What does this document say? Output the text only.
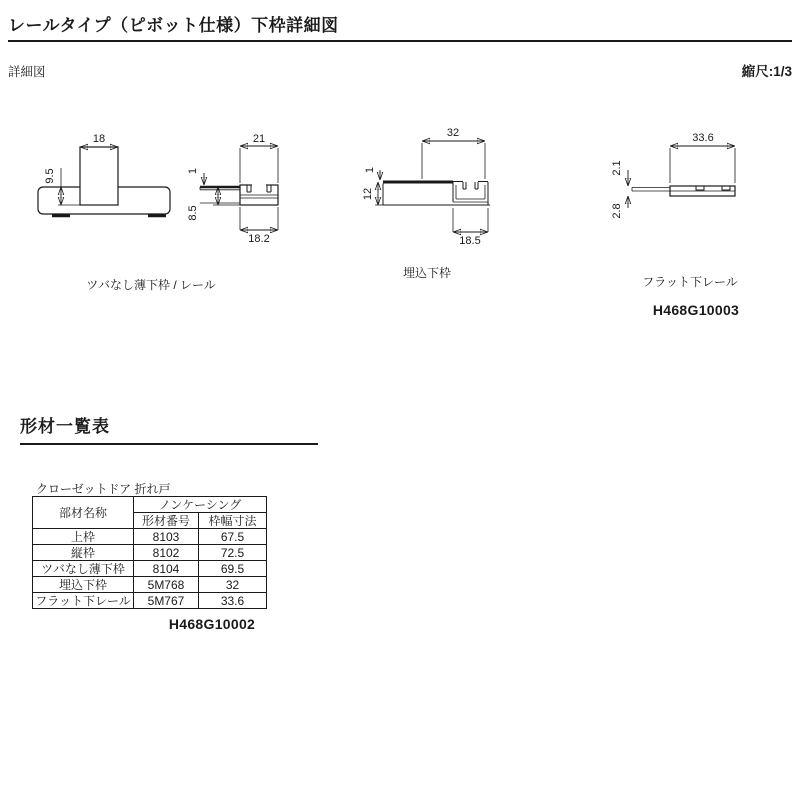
レールタイプ（ピボット仕様）下枠詳細図
詳細図	縮尺:1/3
18
9.5
21
18.2
1
8.5
ツバなし薄下枠 / レール
32
18.5
1
12
埋込下枠
33.6
2.1
2.8
フラット下レール
H468G10003
形材一覧表
クローゼットドア 折れ戸
部材名称	ノンケーシング	
	形材番号	枠幅寸法
上枠	8103	67.5
縦枠	8102	72.5
ツバなし薄下枠	8104	69.5
埋込下枠	5M768	32
フラット下レール	5M767	33.6
H468G10002
